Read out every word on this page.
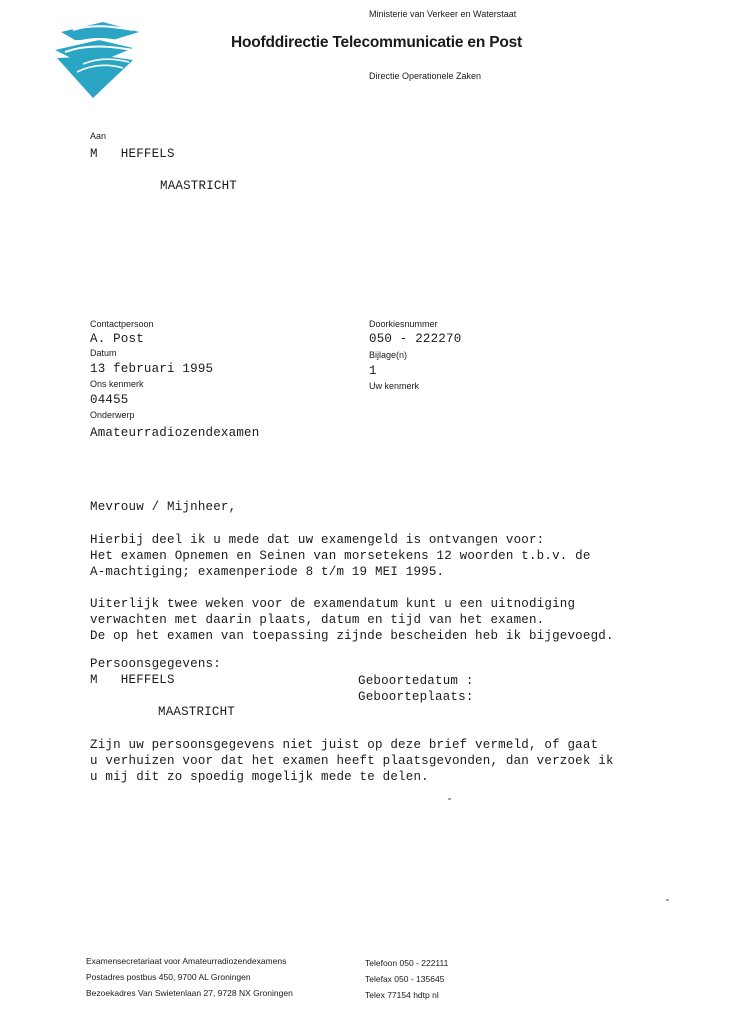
Ministerie van Verkeer en Waterstaat
Hoofddirectie Telecommunicatie en Post
Directie Operationele Zaken
Aan
M   HEFFELS
MAASTRICHT
Contactpersoon
A. Post
Datum
13 februari 1995
Ons kenmerk
04455
Onderwerp
Amateurradiozendexamen
Doorkiesnummer
050 - 222270
Bijlage(n)
1
Uw kenmerk
Mevrouw / Mijnheer,
Hierbij deel ik u mede dat uw examengeld is ontvangen voor:
Het examen Opnemen en Seinen van morsetekens 12 woorden t.b.v. de
A-machtiging; examenperiode 8 t/m 19 MEI 1995.
Uiterlijk twee weken voor de examendatum kunt u een uitnodiging
verwachten met daarin plaats, datum en tijd van het examen.
De op het examen van toepassing zijnde bescheiden heb ik bijgevoegd.
Persoonsgegevens:
M   HEFFELS	Geboortedatum :
Geboorteplaats:
MAASTRICHT
Zijn uw persoonsgegevens niet juist op deze brief vermeld, of gaat
u verhuizen voor dat het examen heeft plaatsgevonden, dan verzoek ik
u mij dit zo spoedig mogelijk mede te delen.
Examensecretariaat voor Amateurradiozendexamens
Postadres postbus 450, 9700 AL Groningen
Bezoekadres Van Swietenlaan 27, 9728 NX Groningen
Telefoon 050 - 222111
Telefax 050 - 135645
Telex 77154 hdtp nl
